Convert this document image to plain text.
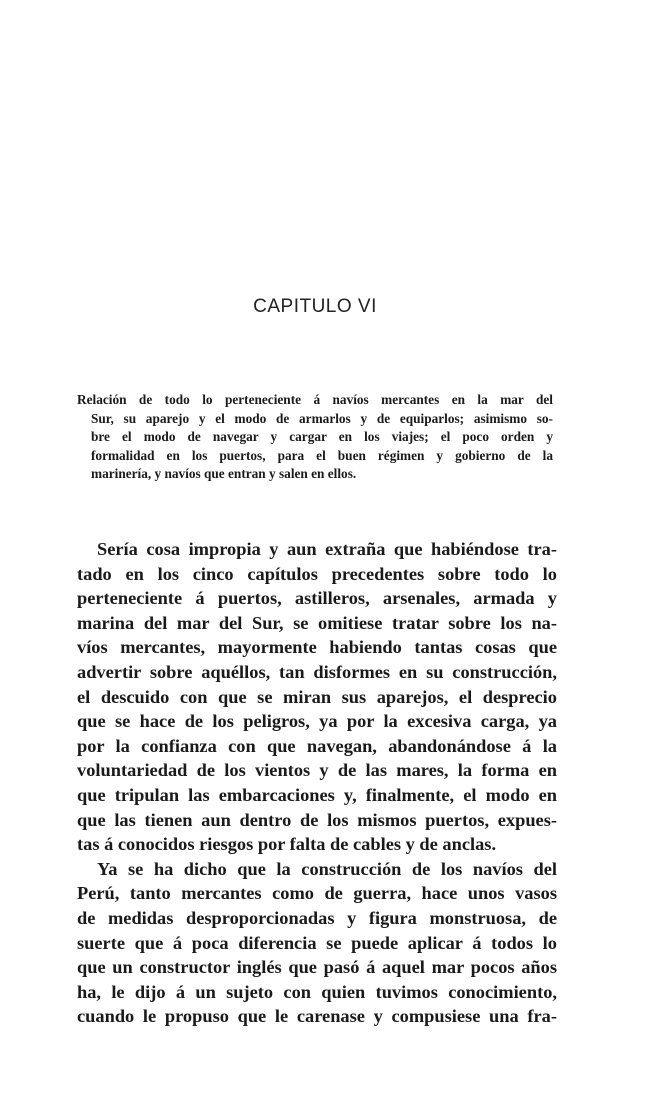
CAPITULO VI
Relación de todo lo perteneciente á navíos mercantes en la mar del
Sur, su aparejo y el modo de armarlos y de equiparlos; asimismo so-
bre el modo de navegar y cargar en los viajes; el poco orden y
formalidad en los puertos, para el buen régimen y gobierno de la
marinería, y navíos que entran y salen en ellos.
Sería cosa impropia y aun extraña que habiéndose tra-
tado en los cinco capítulos precedentes sobre todo lo
perteneciente á puertos, astilleros, arsenales, armada y
marina del mar del Sur, se omitiese tratar sobre los na-
víos mercantes, mayormente habiendo tantas cosas que
advertir sobre aquéllos, tan disformes en su construcción,
el descuido con que se miran sus aparejos, el desprecio
que se hace de los peligros, ya por la excesiva carga, ya
por la confianza con que navegan, abandonándose á la
voluntariedad de los vientos y de las mares, la forma en
que tripulan las embarcaciones y, finalmente, el modo en
que las tienen aun dentro de los mismos puertos, expues-
tas á conocidos riesgos por falta de cables y de anclas.
Ya se ha dicho que la construcción de los navíos del
Perú, tanto mercantes como de guerra, hace unos vasos
de medidas desproporcionadas y figura monstruosa, de
suerte que á poca diferencia se puede aplicar á todos lo
que un constructor inglés que pasó á aquel mar pocos años
ha, le dijo á un sujeto con quien tuvimos conocimiento,
cuando le propuso que le carenase y compusiese una fra-
